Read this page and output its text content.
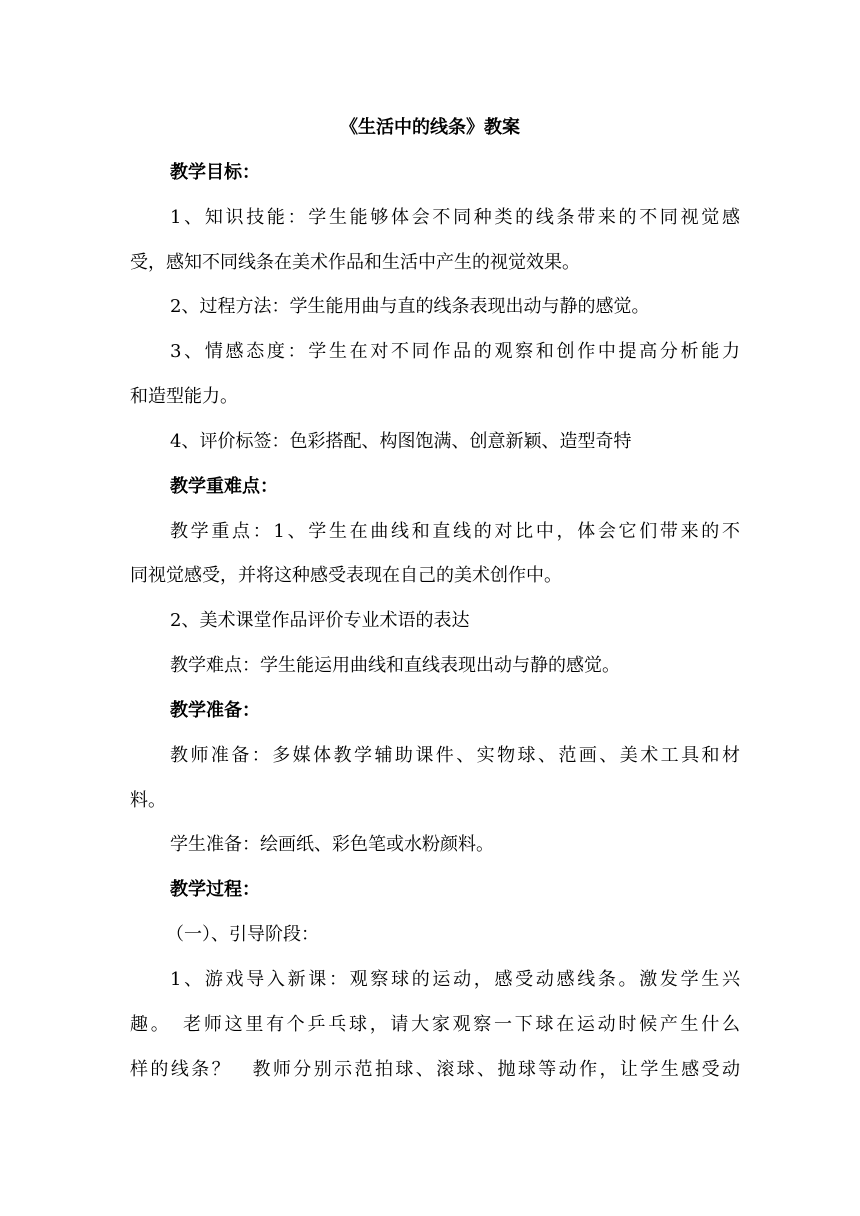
《生活中的线条》教案
教学目标：
1、知识技能：学生能够体会不同种类的线条带来的不同视觉感
受，感知不同线条在美术作品和生活中产生的视觉效果。
2、过程方法：学生能用曲与直的线条表现出动与静的感觉。
3、情感态度：学生在对不同作品的观察和创作中提高分析能力
和造型能力。
4、评价标签：色彩搭配、构图饱满、创意新颖、造型奇特
教学重难点：
教学重点：1、学生在曲线和直线的对比中，体会它们带来的不
同视觉感受，并将这种感受表现在自己的美术创作中。
2、美术课堂作品评价专业术语的表达
教学难点：学生能运用曲线和直线表现出动与静的感觉。
教学准备：
教师准备：多媒体教学辅助课件、实物球、范画、美术工具和材
料。
学生准备：绘画纸、彩色笔或水粉颜料。
教学过程：
（一）、引导阶段：
1、游戏导入新课：观察球的运动，感受动感线条。激发学生兴
趣。　老师这里有个乒乓球，请大家观察一下球在运动时候产生什么
样的线条？　教师分别示范拍球、滚球、抛球等动作，让学生感受动
